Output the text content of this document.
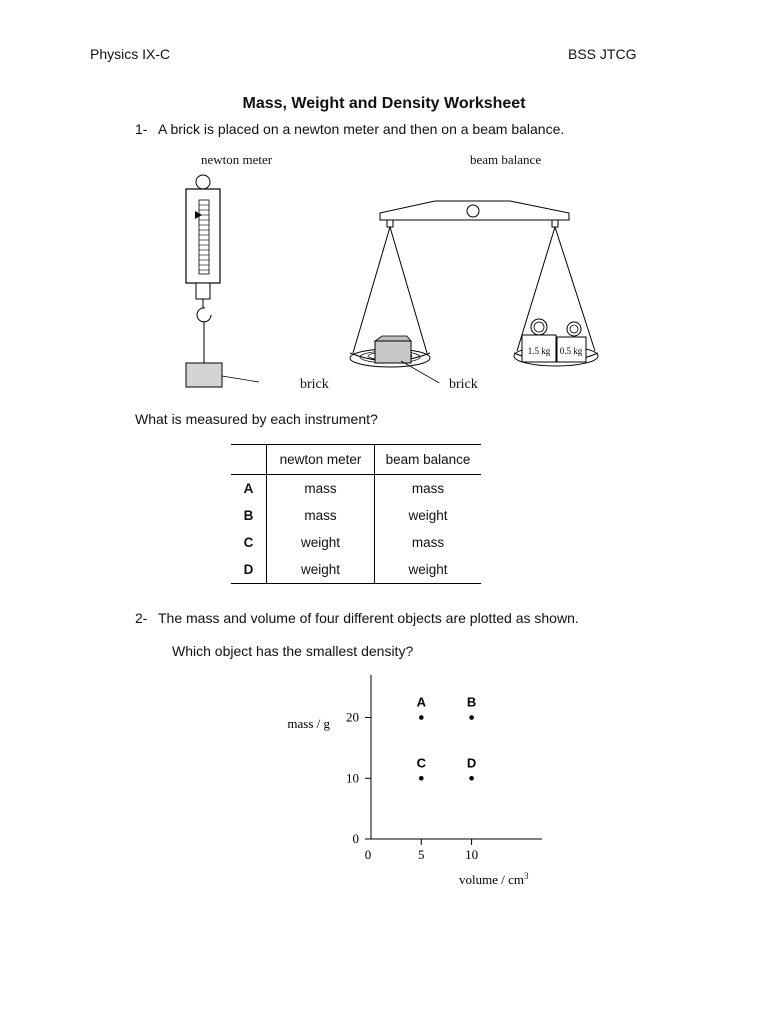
Physics IX-C	BSS JTCG
Mass, Weight and Density Worksheet
1- A brick is placed on a newton meter and then on a beam balance.
newton meter	beam balance
1.5 kg 0.5 kg
brick	brick
What is measured by each instrument?
	newton meter	beam balance
A	mass	mass
B	mass	weight
C	weight	mass
D	weight	weight
2- The mass and volume of four different objects are plotted as shown.
Which object has the smallest density?
0	5	10
0
10
20
A	B
C	D
mass / g
volume / $cm^3$
